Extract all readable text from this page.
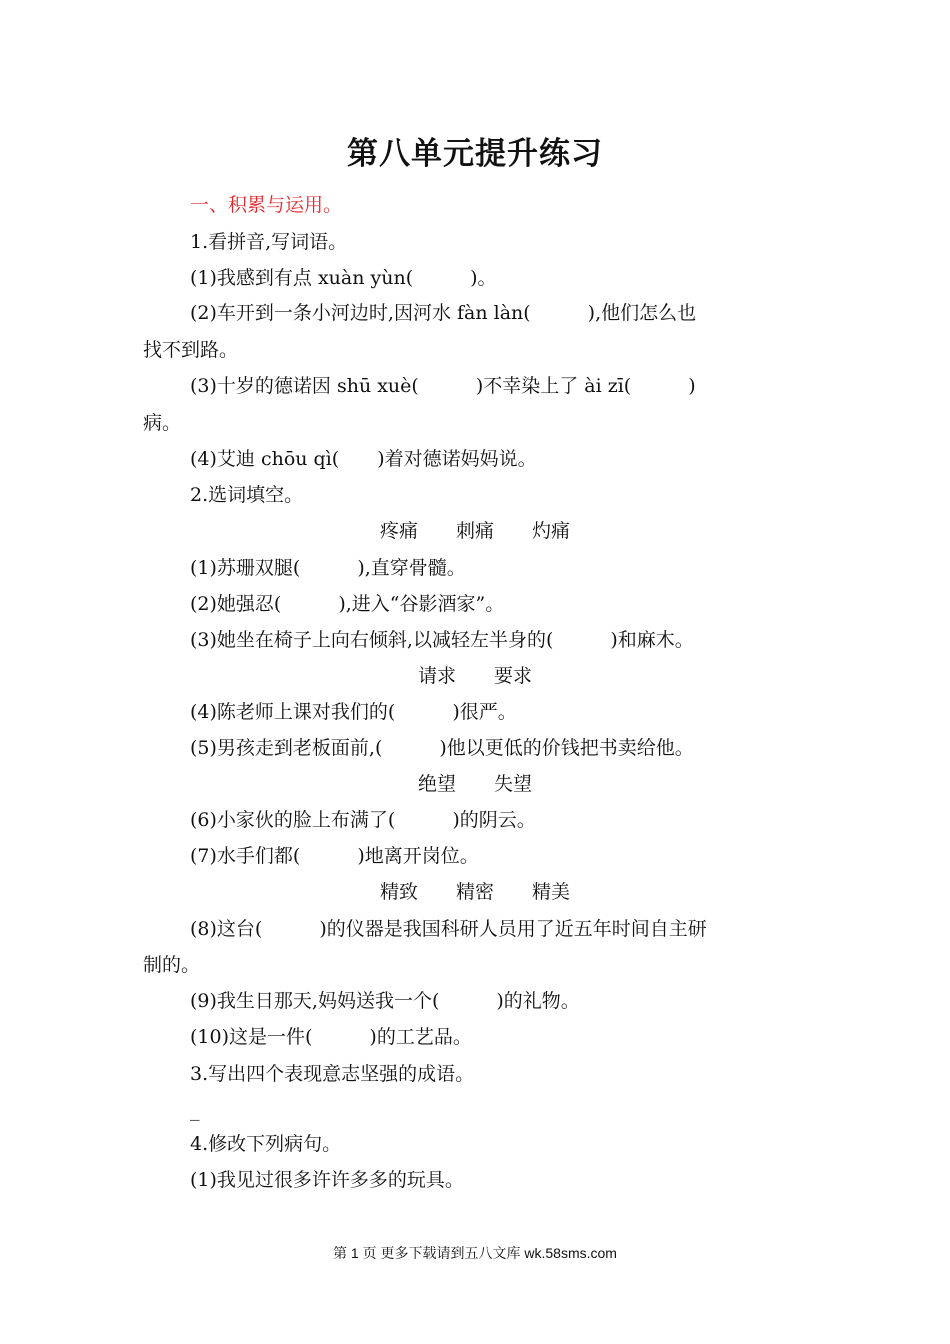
第八单元提升练习
一、积累与运用。
1.看拼音,写词语。
(1)我感到有点 xuàn yùn(　　　)。
(2)车开到一条小河边时,因河水 fàn làn(　　　),他们怎么也
找不到路。
(3)十岁的德诺因 shū xuè(　　　)不幸染上了 ài zī(　　　)
病。
(4)艾迪 chōu qì(　　)着对德诺妈妈说。
2.选词填空。
疼痛　　刺痛　　灼痛
(1)苏珊双腿(　　　),直穿骨髓。
(2)她强忍(　　　),进入“谷影酒家”。
(3)她坐在椅子上向右倾斜,以减轻左半身的(　　　)和麻木。
请求　　要求
(4)陈老师上课对我们的(　　　)很严。
(5)男孩走到老板面前,(　　　)他以更低的价钱把书卖给他。
绝望　　失望
(6)小家伙的脸上布满了(　　　)的阴云。
(7)水手们都(　　　)地离开岗位。
精致　　精密　　精美
(8)这台(　　　)的仪器是我国科研人员用了近五年时间自主研
制的。
(9)我生日那天,妈妈送我一个(　　　)的礼物。
(10)这是一件(　　　)的工艺品。
3.写出四个表现意志坚强的成语。
_
4.修改下列病句。
(1)我见过很多许许多多的玩具。
第 1 页 更多下载请到五八文库 wk.58sms.com
